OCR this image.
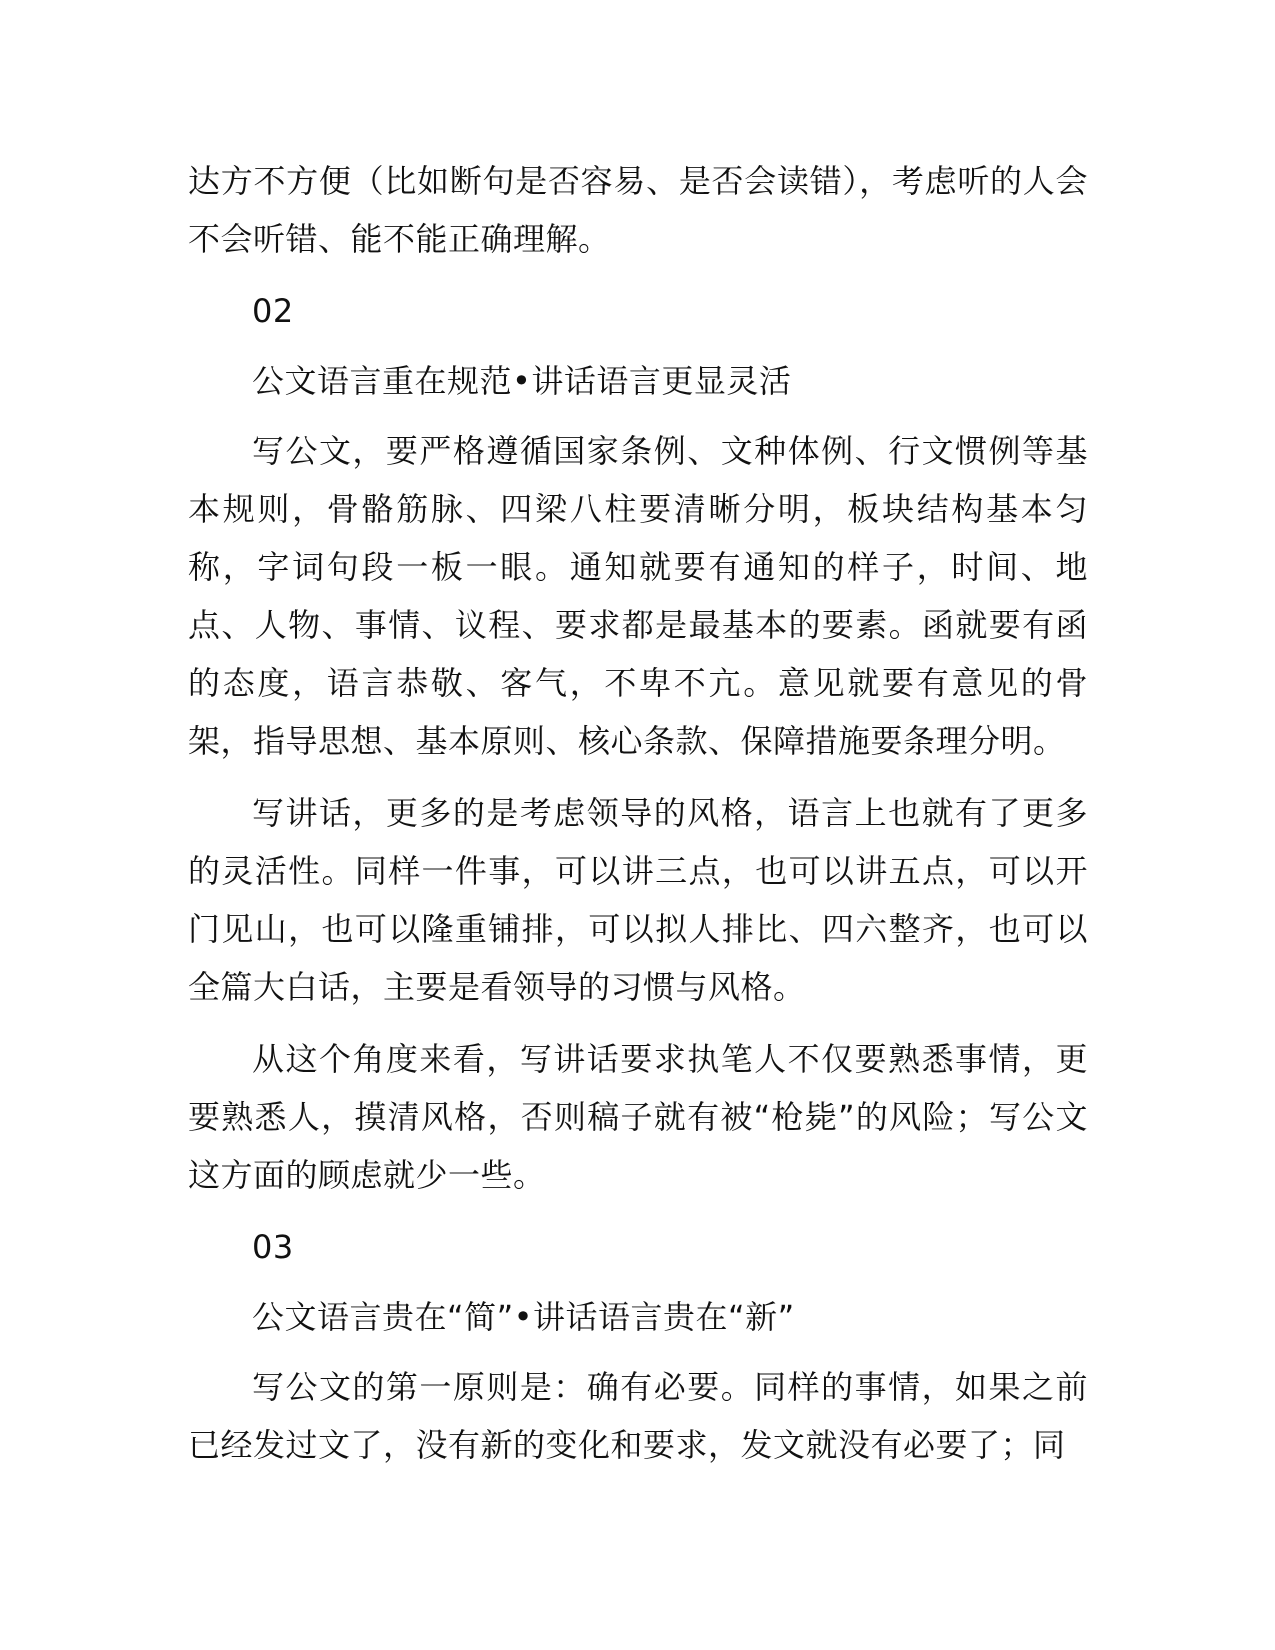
达方不方便（比如断句是否容易、是否会读错），考虑听的人会不会听错、能不能正确理解。

02

公文语言重在规范•讲话语言更显灵活

写公文，要严格遵循国家条例、文种体例、行文惯例等基本规则，骨骼筋脉、四梁八柱要清晰分明，板块结构基本匀称，字词句段一板一眼。通知就要有通知的样子，时间、地点、人物、事情、议程、要求都是最基本的要素。函就要有函的态度，语言恭敬、客气，不卑不亢。意见就要有意见的骨架，指导思想、基本原则、核心条款、保障措施要条理分明。

写讲话，更多的是考虑领导的风格，语言上也就有了更多的灵活性。同样一件事，可以讲三点，也可以讲五点，可以开门见山，也可以隆重铺排，可以拟人排比、四六整齐，也可以全篇大白话，主要是看领导的习惯与风格。

从这个角度来看，写讲话要求执笔人不仅要熟悉事情，更要熟悉人，摸清风格，否则稿子就有被“枪毙”的风险；写公文这方面的顾虑就少一些。

03

公文语言贵在“简”•讲话语言贵在“新”

写公文的第一原则是：确有必要。同样的事情，如果之前已经发过文了，没有新的变化和要求，发文就没有必要了；同
